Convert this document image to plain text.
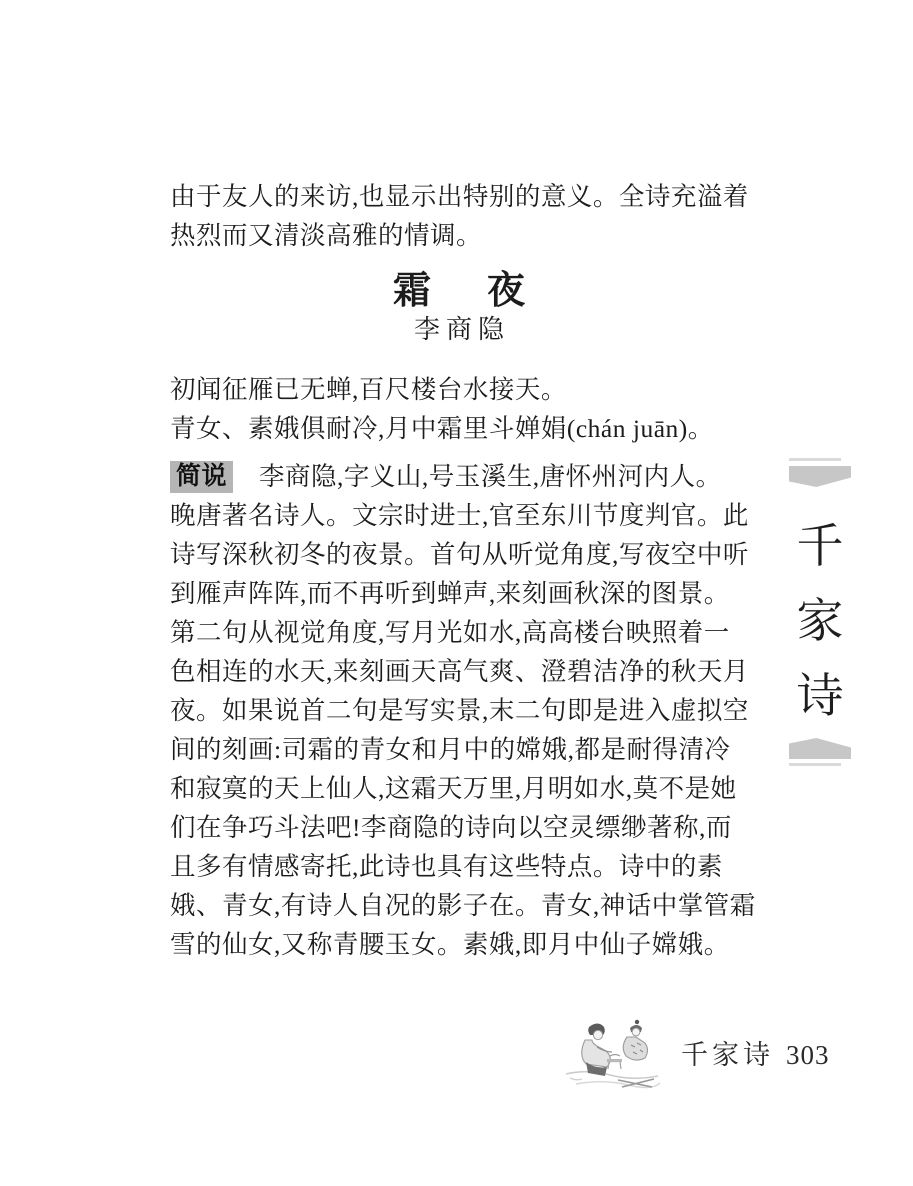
由于友人的来访,也显示出特别的意义。全诗充溢着
热烈而又清淡高雅的情调。
霜 夜
李商隐
初闻征雁已无蝉,百尺楼台水接天。
青女、素娥俱耐冷,月中霜里斗婵娟(chán juān)。
简说 李商隐,字义山,号玉溪生,唐怀州河内人。
晚唐著名诗人。文宗时进士,官至东川节度判官。此
诗写深秋初冬的夜景。首句从听觉角度,写夜空中听
到雁声阵阵,而不再听到蝉声,来刻画秋深的图景。
第二句从视觉角度,写月光如水,高高楼台映照着一
色相连的水天,来刻画天高气爽、澄碧洁净的秋天月
夜。如果说首二句是写实景,末二句即是进入虚拟空
间的刻画:司霜的青女和月中的嫦娥,都是耐得清冷
和寂寞的天上仙人,这霜天万里,月明如水,莫不是她
们在争巧斗法吧!李商隐的诗向以空灵缥缈著称,而
且多有情感寄托,此诗也具有这些特点。诗中的素
娥、青女,有诗人自况的影子在。青女,神话中掌管霜
雪的仙女,又称青腰玉女。素娥,即月中仙子嫦娥。
千
家
诗
千家诗 303
